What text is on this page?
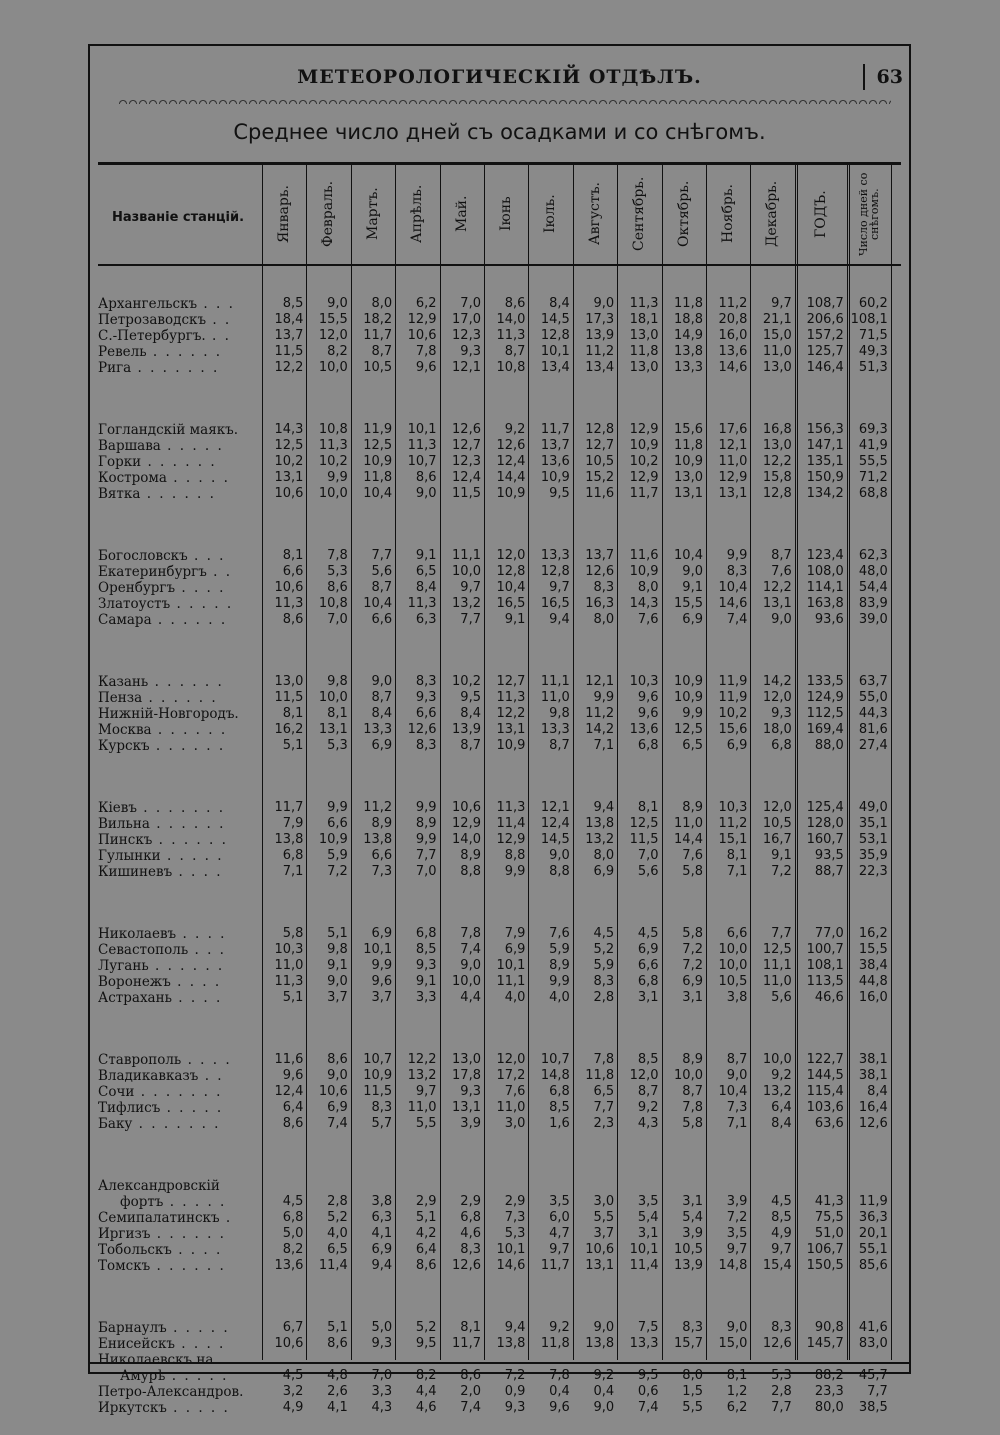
МЕТЕОРОЛОГИЧЕСКІЙ ОТДѢЛЪ.	63
Среднее число дней съ осадками и со снѣгомъ.
Названіе станцій.	Январь.	Февраль.	Мартъ.	Апрѣль.	Май.	Іюнь	Іюль.	Августъ.	Сентябрь.	Октябрь.	Ноябрь.	Декабрь.	ГОДЪ.	Число дней со снѣгомъ.
Архангельскъ . . .	8,5	9,0	8,0	6,2	7,0	8,6	8,4	9,0	11,3	11,8	11,2	9,7	108,7	60,2
Петрозаводскъ . .	18,4	15,5	18,2	12,9	17,0	14,0	14,5	17,3	18,1	18,8	20,8	21,1	206,6 108,1
С.-Петербургъ. . .	13,7	12,0	11,7	10,6	12,3	11,3	12,8	13,9	13,0	14,9	16,0	15,0	157,2	71,5
Ревель . . . . . .	11,5	8,2	8,7	7,8	9,3	8,7	10,1	11,2	11,8	13,8	13,6	11,0	125,7	49,3
Рига . . . . . . .	12,2	10,0	10,5	9,6	12,1	10,8	13,4	13,4	13,0	13,3	14,6	13,0	146,4	51,3
Гогландскій маякъ.	14,3	10,8	11,9	10,1	12,6	9,2	11,7	12,8	12,9	15,6	17,6	16,8	156,3	69,3
Варшава . . . . .	12,5	11,3	12,5	11,3	12,7	12,6	13,7	12,7	10,9	11,8	12,1	13,0	147,1	41,9
Горки . . . . . .	10,2	10,2	10,9	10,7	12,3	12,4	13,6	10,5	10,2	10,9	11,0	12,2	135,1	55,5
Кострома . . . . .	13,1	9,9	11,8	8,6	12,4	14,4	10,9	15,2	12,9	13,0	12,9	15,8	150,9	71,2
Вятка . . . . . .	10,6	10,0	10,4	9,0	11,5	10,9	9,5	11,6	11,7	13,1	13,1	12,8	134,2	68,8
Богословскъ . . .	8,1	7,8	7,7	9,1	11,1	12,0	13,3	13,7	11,6	10,4	9,9	8,7	123,4	62,3
Екатеринбургъ . .	6,6	5,3	5,6	6,5	10,0	12,8	12,8	12,6	10,9	9,0	8,3	7,6	108,0	48,0
Оренбургъ . . . .	10,6	8,6	8,7	8,4	9,7	10,4	9,7	8,3	8,0	9,1	10,4	12,2	114,1	54,4
Златоустъ . . . . .	11,3	10,8	10,4	11,3	13,2	16,5	16,5	16,3	14,3	15,5	14,6	13,1	163,8	83,9
Самара . . . . . .	8,6	7,0	6,6	6,3	7,7	9,1	9,4	8,0	7,6	6,9	7,4	9,0	93,6	39,0
Казань . . . . . .	13,0	9,8	9,0	8,3	10,2	12,7	11,1	12,1	10,3	10,9	11,9	14,2	133,5	63,7
Пенза . . . . . .	11,5	10,0	8,7	9,3	9,5	11,3	11,0	9,9	9,6	10,9	11,9	12,0	124,9	55,0
Нижній-Новгородъ.	8,1	8,1	8,4	6,6	8,4	12,2	9,8	11,2	9,6	9,9	10,2	9,3	112,5	44,3
Москва . . . . . .	16,2	13,1	13,3	12,6	13,9	13,1	13,3	14,2	13,6	12,5	15,6	18,0	169,4	81,6
Курскъ . . . . . .	5,1	5,3	6,9	8,3	8,7	10,9	8,7	7,1	6,8	6,5	6,9	6,8	88,0	27,4
Кіевъ . . . . . . .	11,7	9,9	11,2	9,9	10,6	11,3	12,1	9,4	8,1	8,9	10,3	12,0	125,4	49,0
Вильна . . . . . .	7,9	6,6	8,9	8,9	12,9	11,4	12,4	13,8	12,5	11,0	11,2	10,5	128,0	35,1
Пинскъ . . . . . .	13,8	10,9	13,8	9,9	14,0	12,9	14,5	13,2	11,5	14,4	15,1	16,7	160,7	53,1
Гулынки . . . . .	6,8	5,9	6,6	7,7	8,9	8,8	9,0	8,0	7,0	7,6	8,1	9,1	93,5	35,9
Кишиневъ . . . .	7,1	7,2	7,3	7,0	8,8	9,9	8,8	6,9	5,6	5,8	7,1	7,2	88,7	22,3
Николаевъ . . . .	5,8	5,1	6,9	6,8	7,8	7,9	7,6	4,5	4,5	5,8	6,6	7,7	77,0	16,2
Севастополь . . .	10,3	9,8	10,1	8,5	7,4	6,9	5,9	5,2	6,9	7,2	10,0	12,5	100,7	15,5
Лугань . . . . . .	11,0	9,1	9,9	9,3	9,0	10,1	8,9	5,9	6,6	7,2	10,0	11,1	108,1	38,4
Воронежъ . . . .	11,3	9,0	9,6	9,1	10,0	11,1	9,9	8,3	6,8	6,9	10,5	11,0	113,5	44,8
Астрахань . . . .	5,1	3,7	3,7	3,3	4,4	4,0	4,0	2,8	3,1	3,1	3,8	5,6	46,6	16,0
Ставрополь . . . .	11,6	8,6	10,7	12,2	13,0	12,0	10,7	7,8	8,5	8,9	8,7	10,0	122,7	38,1
Владикавказъ . .	9,6	9,0	10,9	13,2	17,8	17,2	14,8	11,8	12,0	10,0	9,0	9,2	144,5	38,1
Сочи . . . . . . .	12,4	10,6	11,5	9,7	9,3	7,6	6,8	6,5	8,7	8,7	10,4	13,2	115,4	8,4
Тифлисъ . . . . .	6,4	6,9	8,3	11,0	13,1	11,0	8,5	7,7	9,2	7,8	7,3	6,4	103,6	16,4
Баку . . . . . . .	8,6	7,4	5,7	5,5	3,9	3,0	1,6	2,3	4,3	5,8	7,1	8,4	63,6	12,6
Александровскій
фортъ . . . . .	4,5	2,8	3,8	2,9	2,9	2,9	3,5	3,0	3,5	3,1	3,9	4,5	41,3	11,9
Семипалатинскъ .	6,8	5,2	6,3	5,1	6,8	7,3	6,0	5,5	5,4	5,4	7,2	8,5	75,5	36,3
Иргизъ . . . . . .	5,0	4,0	4,1	4,2	4,6	5,3	4,7	3,7	3,1	3,9	3,5	4,9	51,0	20,1
Тобольскъ . . . .	8,2	6,5	6,9	6,4	8,3	10,1	9,7	10,6	10,1	10,5	9,7	9,7	106,7	55,1
Томскъ . . . . . .	13,6	11,4	9,4	8,6	12,6	14,6	11,7	13,1	11,4	13,9	14,8	15,4	150,5	85,6
Барнаулъ . . . . .	6,7	5,1	5,0	5,2	8,1	9,4	9,2	9,0	7,5	8,3	9,0	8,3	90,8	41,6
Енисейскъ . . . .	10,6	8,6	9,3	9,5	11,7	13,8	11,8	13,8	13,3	15,7	15,0	12,6	145,7	83,0
Николаевскъ на
Амурѣ . . . . .	4,5	4,8	7,0	8,2	8,6	7,2	7,8	9,2	9,5	8,0	8,1	5,3	88,2	45,7
Петро-Александров.	3,2	2,6	3,3	4,4	2,0	0,9	0,4	0,4	0,6	1,5	1,2	2,8	23,3	7,7
Иркутскъ . . . . .	4,9	4,1	4,3	4,6	7,4	9,3	9,6	9,0	7,4	5,5	6,2	7,7	80,0	38,5
